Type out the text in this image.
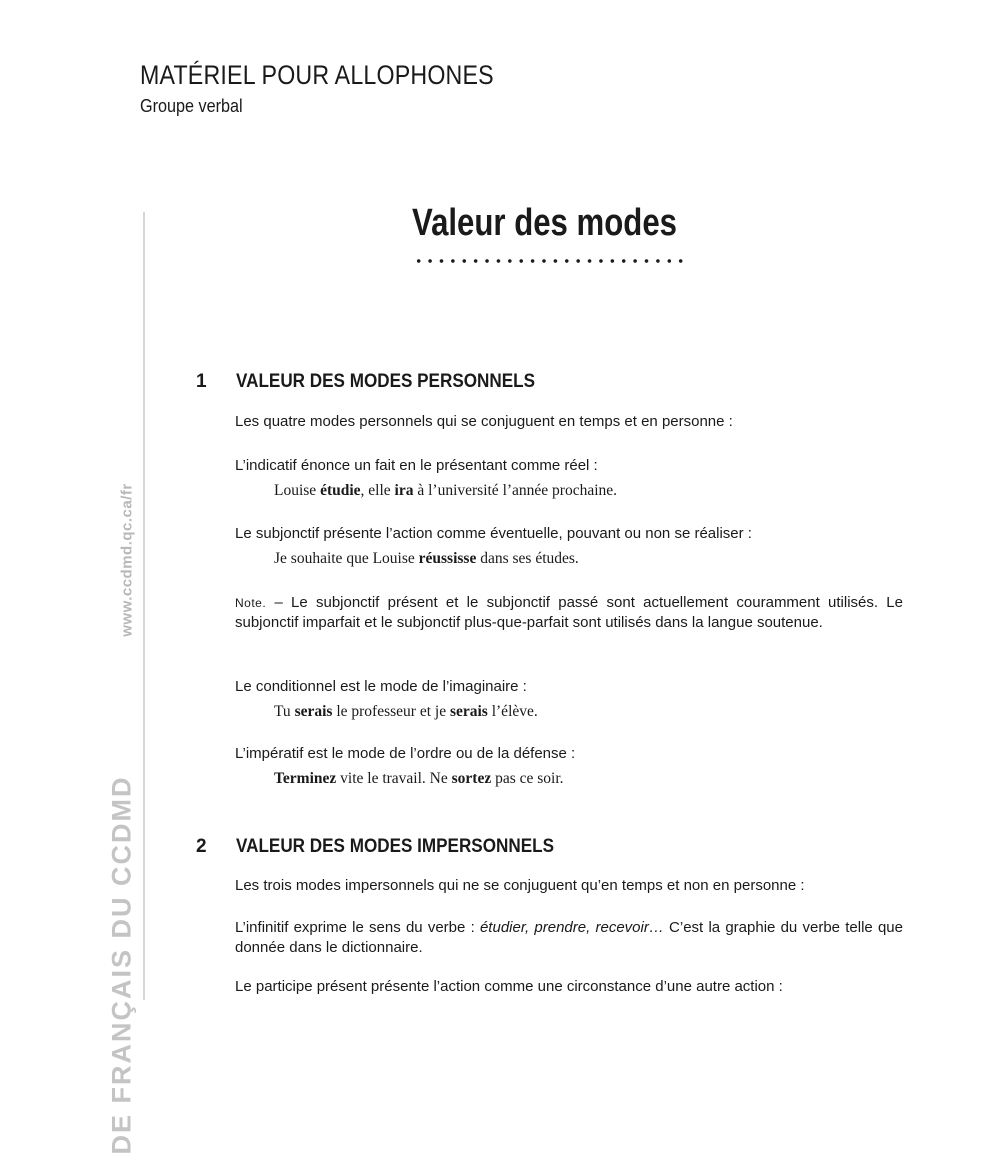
MATÉRIEL POUR ALLOPHONES
Groupe verbal
www.ccdmd.qc.ca/fr
DE FRANÇAIS DU CCDMD
Valeur des modes
1 VALEUR DES MODES PERSONNELS
Les quatre modes personnels qui se conjuguent en temps et en personne :
L’indicatif énonce un fait en le présentant comme réel :
Louise étudie, elle ira à l’université l’année prochaine.
Le subjonctif présente l’action comme éventuelle, pouvant ou non se réaliser :
Je souhaite que Louise réussisse dans ses études.
Note. – Le subjonctif présent et le subjonctif passé sont actuellement couramment utilisés. Le subjonctif imparfait et le subjonctif plus-que-parfait sont utilisés dans la langue soutenue.
Le conditionnel est le mode de l’imaginaire :
Tu serais le professeur et je serais l’élève.
L’impératif est le mode de l’ordre ou de la défense :
Terminez vite le travail. Ne sortez pas ce soir.
2 VALEUR DES MODES IMPERSONNELS
Les trois modes impersonnels qui ne se conjuguent qu’en temps et non en personne :
L’infinitif exprime le sens du verbe : étudier, prendre, recevoir… C’est la graphie du verbe telle que donnée dans le dictionnaire.
Le participe présent présente l’action comme une circonstance d’une autre action :
